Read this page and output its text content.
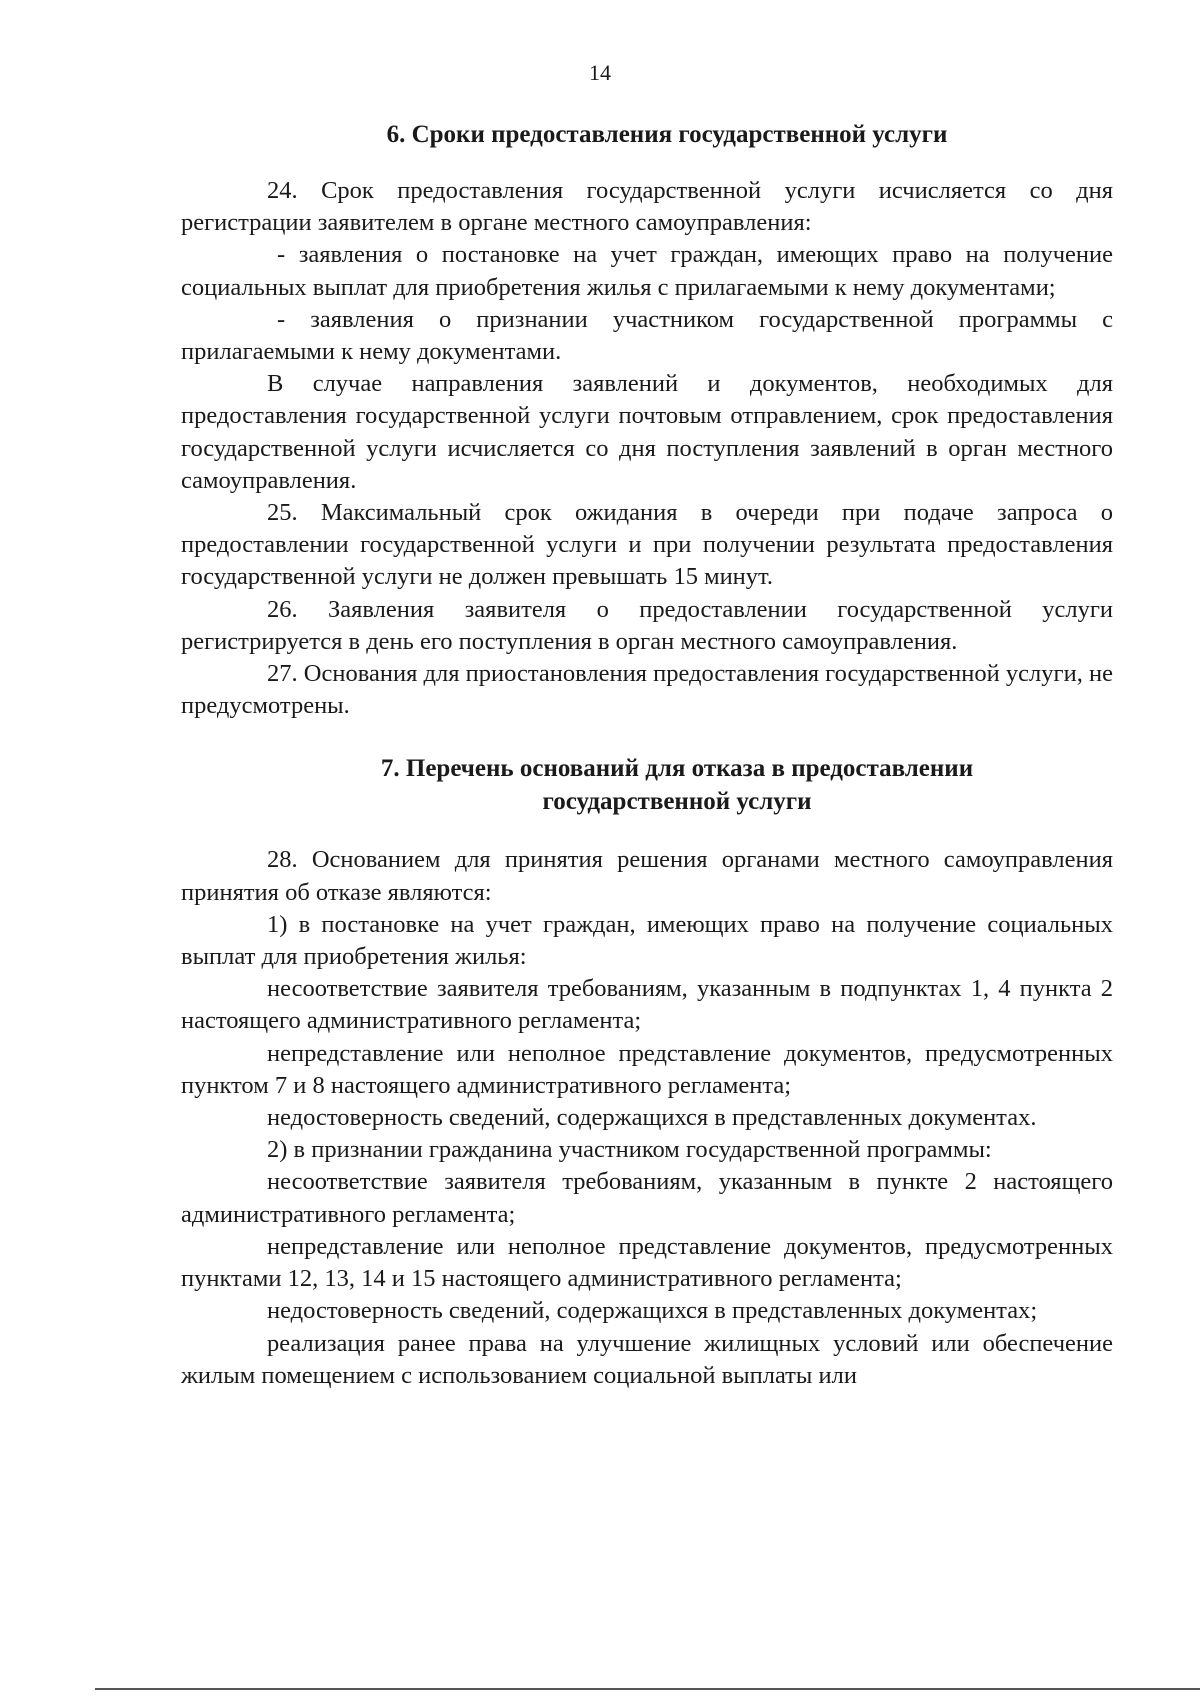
14
6. Сроки предоставления государственной услуги

24. Срок предоставления государственной услуги исчисляется со дня регистрации заявителем в органе местного самоуправления:

- заявления о постановке на учет граждан, имеющих право на получение социальных выплат для приобретения жилья с прилагаемыми к нему документами;

- заявления о признании участником государственной программы с прилагаемыми к нему документами.

В случае направления заявлений и документов, необходимых для предоставления государственной услуги почтовым отправлением, срок предоставления государственной услуги исчисляется со дня поступления заявлений в орган местного самоуправления.

25. Максимальный срок ожидания в очереди при подаче запроса о предоставлении государственной услуги и при получении результата предоставления государственной услуги не должен превышать 15 минут.

26. Заявления заявителя о предоставлении государственной услуги регистрируется в день его поступления в орган местного самоуправления.

27. Основания для приостановления предоставления государственной услуги, не предусмотрены.

7. Перечень оснований для отказа в предоставлении
государственной услуги

28. Основанием для принятия решения органами местного самоуправления принятия об отказе являются:

1) в постановке на учет граждан, имеющих право на получение социальных выплат для приобретения жилья:

несоответствие заявителя требованиям, указанным в подпунктах 1, 4 пункта 2 настоящего административного регламента;

непредставление или неполное представление документов, предусмотренных пунктом 7 и 8 настоящего административного регламента;

недостоверность сведений, содержащихся в представленных документах.

2) в признании гражданина участником государственной программы:

несоответствие заявителя требованиям, указанным в пункте 2 настоящего административного регламента;

непредставление или неполное представление документов, предусмотренных пунктами 12, 13, 14 и 15 настоящего административного регламента;

недостоверность сведений, содержащихся в представленных документах;

реализация ранее права на улучшение жилищных условий или обеспечение жилым помещением с использованием социальной выплаты или
